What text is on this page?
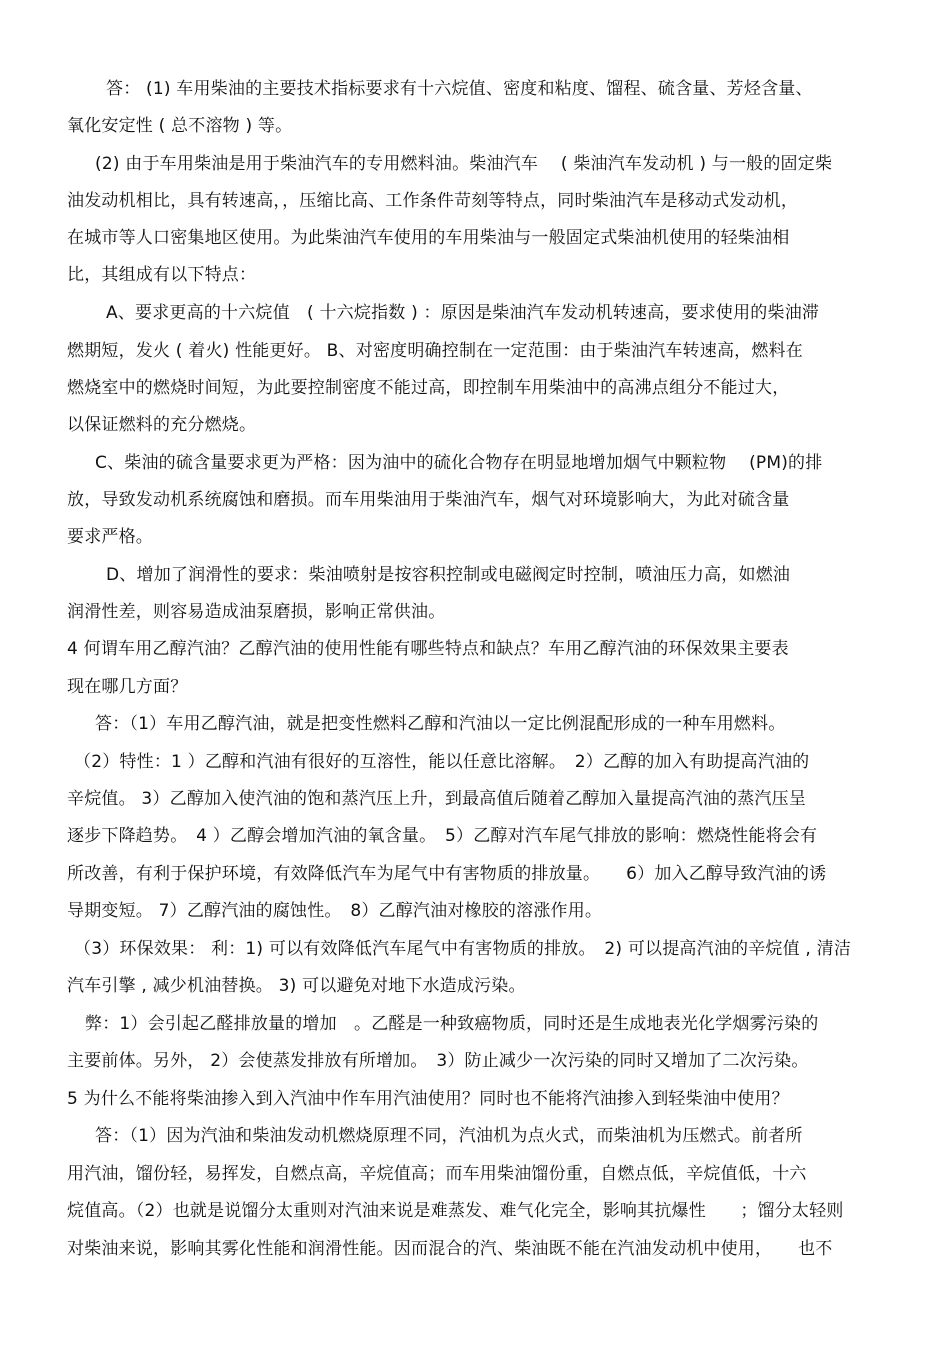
答： (1) 车用柴油的主要技术指标要求有十六烷值、密度和粘度、馏程、硫含量、芳烃含量、
氧化安定性 ( 总不溶物 ) 等。
(2) 由于车用柴油是用于柴油汽车的专用燃料油。柴油汽车　 ( 柴油汽车发动机 ) 与一般的固定柴
油发动机相比，具有转速高，，压缩比高、工作条件苛刻等特点，同时柴油汽车是移动式发动机，
在城市等人口密集地区使用。为此柴油汽车使用的车用柴油与一般固定式柴油机使用的轻柴油相
比，其组成有以下特点：
A、要求更高的十六烷值　( 十六烷指数 ) ：原因是柴油汽车发动机转速高，要求使用的柴油滞
燃期短，发火 ( 着火) 性能更好。 B、对密度明确控制在一定范围：由于柴油汽车转速高，燃料在
燃烧室中的燃烧时间短，为此要控制密度不能过高，即控制车用柴油中的高沸点组分不能过大，
以保证燃料的充分燃烧。
C、柴油的硫含量要求更为严格：因为油中的硫化合物存在明显地增加烟气中颗粒物　 (PM)的排
放，导致发动机系统腐蚀和磨损。而车用柴油用于柴油汽车，烟气对环境影响大，为此对硫含量
要求严格。
D、增加了润滑性的要求：柴油喷射是按容积控制或电磁阀定时控制，喷油压力高，如燃油
润滑性差，则容易造成油泵磨损，影响正常供油。
4 何谓车用乙醇汽油？乙醇汽油的使用性能有哪些特点和缺点？车用乙醇汽油的环保效果主要表
现在哪几方面？
答：（1）车用乙醇汽油，就是把变性燃料乙醇和汽油以一定比例混配形成的一种车用燃料。
（2）特性：1 ）乙醇和汽油有很好的互溶性，能以任意比溶解。　2）乙醇的加入有助提高汽油的
辛烷值。 3）乙醇加入使汽油的饱和蒸汽压上升，到最高值后随着乙醇加入量提高汽油的蒸汽压呈
逐步下降趋势。　4 ）乙醇会增加汽油的氧含量。　5）乙醇对汽车尾气排放的影响：燃烧性能将会有
所改善，有利于保护环境，有效降低汽车为尾气中有害物质的排放量。　　6）加入乙醇导致汽油的诱
导期变短。 7）乙醇汽油的腐蚀性。　8）乙醇汽油对橡胶的溶涨作用。
（3）环保效果： 利：1) 可以有效降低汽车尾气中有害物质的排放。　2) 可以提高汽油的辛烷值 , 清洁
汽车引擎 , 减少机油替换。 3) 可以避免对地下水造成污染。
弊：1）会引起乙醛排放量的增加　。乙醛是一种致癌物质，同时还是生成地表光化学烟雾污染的
主要前体。另外， 2）会使蒸发排放有所增加。　3）防止减少一次污染的同时又增加了二次污染。
5 为什么不能将柴油掺入到入汽油中作车用汽油使用？同时也不能将汽油掺入到轻柴油中使用？
答：（1）因为汽油和柴油发动机燃烧原理不同，汽油机为点火式，而柴油机为压燃式。前者所
用汽油，馏份轻，易挥发，自燃点高，辛烷值高；而车用柴油馏份重，自燃点低，辛烷值低，十六
烷值高。（2）也就是说馏分太重则对汽油来说是难蒸发、难气化完全，影响其抗爆性　　；馏分太轻则
对柴油来说，影响其雾化性能和润滑性能。因而混合的汽、柴油既不能在汽油发动机中使用，　　也不
